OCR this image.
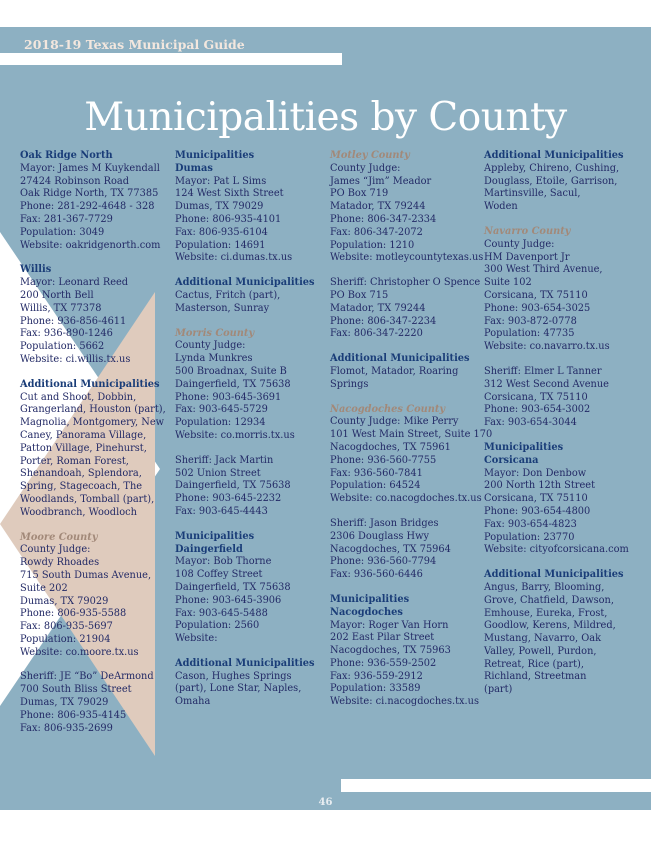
2018-19 Texas Municipal Guide
Municipalities by County

Oak Ridge North

Mayor: James M Kuykendall

27424 Robinson Road

Oak Ridge North, TX 77385

Phone: 281-292-4648 - 328

Fax: 281-367-7729

Population: 3049

Website: oakridgenorth.com

Willis

Mayor: Leonard Reed

200 North Bell

Willis, TX 77378

Phone: 936-856-4611

Fax: 936-890-1246

Population: 5662

Website: ci.willis.tx.us

Additional Municipalities

Cut and Shoot, Dobbin,

Grangerland, Houston (part),

Magnolia, Montgomery, New

Caney, Panorama Village,

Patton Village, Pinehurst,

Porter, Roman Forest,

Shenandoah, Splendora,

Spring, Stagecoach, The

Woodlands, Tomball (part),

Woodbranch, Woodloch

Moore County

County Judge:

Rowdy Rhoades

715 South Dumas Avenue,

Suite 202

Dumas, TX 79029

Phone: 806-935-5588

Fax: 806-935-5697

Population: 21904

Website: co.moore.tx.us

Sheriff: JE “Bo” DeArmond

700 South Bliss Street

Dumas, TX 79029

Phone: 806-935-4145

Fax: 806-935-2699

Municipalities

Dumas

Mayor: Pat L Sims

124 West Sixth Street

Dumas, TX 79029

Phone: 806-935-4101

Fax: 806-935-6104

Population: 14691

Website: ci.dumas.tx.us

Additional Municipalities

Cactus, Fritch (part),

Masterson, Sunray

Morris County

County Judge:

Lynda Munkres

500 Broadnax, Suite B

Daingerfield, TX 75638

Phone: 903-645-3691

Fax: 903-645-5729

Population: 12934

Website: co.morris.tx.us

Sheriff: Jack Martin

502 Union Street

Daingerfield, TX 75638

Phone: 903-645-2232

Fax: 903-645-4443

Municipalities

Daingerfield

Mayor: Bob Thorne

108 Coffey Street

Daingerfield, TX 75638

Phone: 903-645-3906

Fax: 903-645-5488

Population: 2560

Website:

Additional Municipalities

Cason, Hughes Springs

(part), Lone Star, Naples,

Omaha

Motley County

County Judge:

James “Jim” Meador

PO Box 719

Matador, TX 79244

Phone: 806-347-2334

Fax: 806-347-2072

Population: 1210

Website: motleycountytexas.us

Sheriff: Christopher O Spence

PO Box 715

Matador, TX 79244

Phone: 806-347-2234

Fax: 806-347-2220

Additional Municipalities

Flomot, Matador, Roaring

Springs

Nacogdoches County

County Judge: Mike Perry

101 West Main Street, Suite 170

Nacogdoches, TX 75961

Phone: 936-560-7755

Fax: 936-560-7841

Population: 64524

Website: co.nacogdoches.tx.us

Sheriff: Jason Bridges

2306 Douglass Hwy

Nacogdoches, TX 75964

Phone: 936-560-7794

Fax: 936-560-6446

Municipalities

Nacogdoches

Mayor: Roger Van Horn

202 East Pilar Street

Nacogdoches, TX 75963

Phone: 936-559-2502

Fax: 936-559-2912

Population: 33589

Website: ci.nacogdoches.tx.us

Additional Municipalities

Appleby, Chireno, Cushing,

Douglass, Etoile, Garrison,

Martinsville, Sacul,

Woden

Navarro County

County Judge:

HM Davenport Jr

300 West Third Avenue,

Suite 102

Corsicana, TX 75110

Phone: 903-654-3025

Fax: 903-872-0778

Population: 47735

Website: co.navarro.tx.us

Sheriff: Elmer L Tanner

312 West Second Avenue

Corsicana, TX 75110

Phone: 903-654-3002

Fax: 903-654-3044

Municipalities

Corsicana

Mayor: Don Denbow

200 North 12th Street

Corsicana, TX 75110

Phone: 903-654-4800

Fax: 903-654-4823

Population: 23770

Website: cityofcorsicana.com

Additional Municipalities

Angus, Barry, Blooming,

Grove, Chatfield, Dawson,

Emhouse, Eureka, Frost,

Goodlow, Kerens, Mildred,

Mustang, Navarro, Oak

Valley, Powell, Purdon,

Retreat, Rice (part),

Richland, Streetman

(part)

46
